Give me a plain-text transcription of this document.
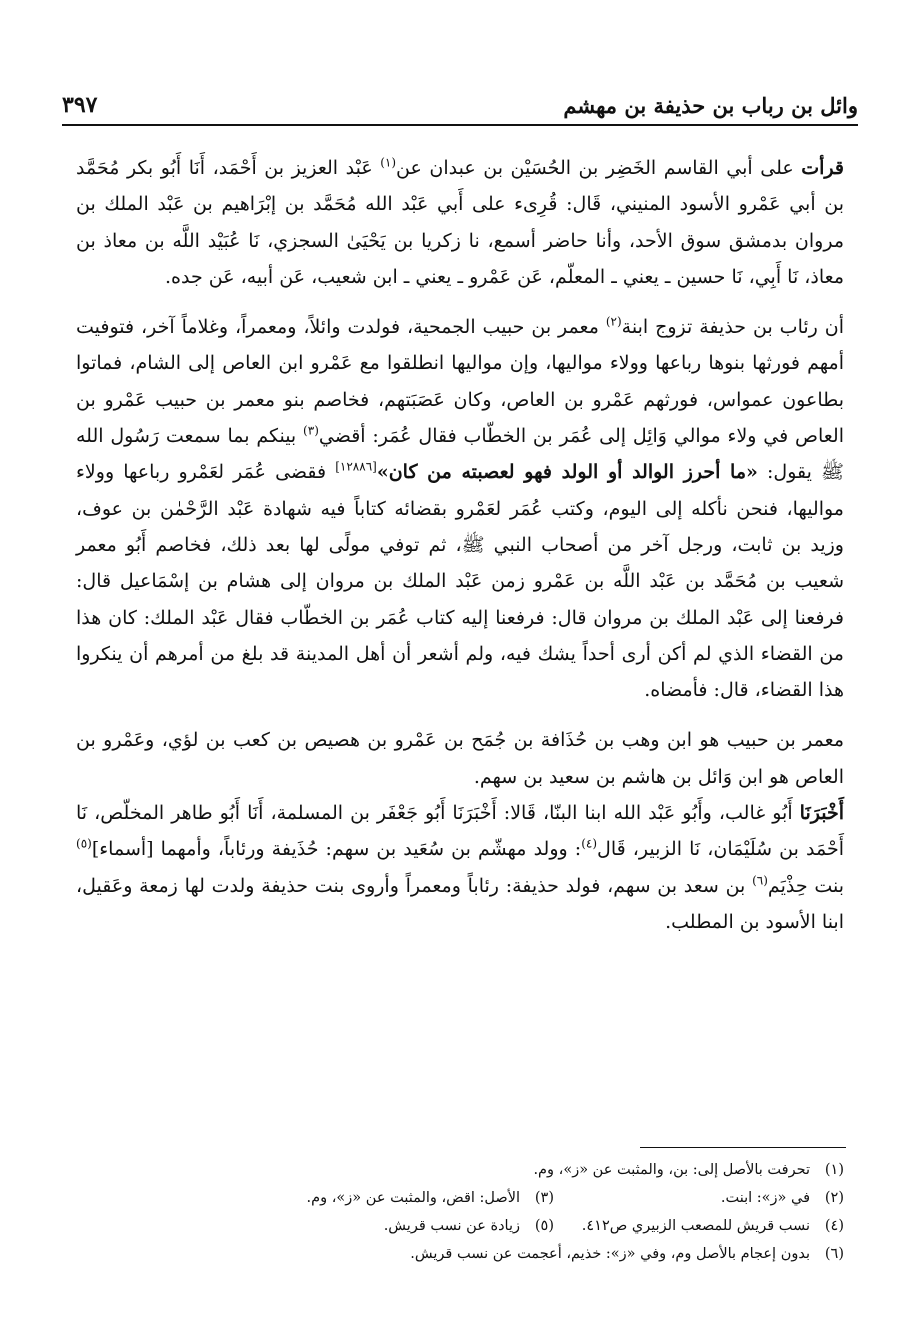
وائل بن رباب بن حذيفة بن مهشم
٣٩٧

قرأت على أبي القاسم الخَضِر بن الحُسَيْن بن عبدان عن$^{(١)}$ عَبْد العزيز بن أَحْمَد، أَنَا أَبُو بكر مُحَمَّد بن أبي عَمْرو الأسود المنيني، قَال: قُرِىء على أَبي عَبْد الله مُحَمَّد بن إبْرَاهيم بن عَبْد الملك بن مروان بدمشق سوق الأحد، وأنا حاضر أسمع، نا زكريا بن يَحْيَىٰ السجزي، نَا عُبَيْد اللَّه بن معاذ بن معاذ، نَا أَبِي، نَا حسين ـ يعني ـ المعلّم، عَن عَمْرو ـ يعني ـ ابن شعيب، عَن أبيه، عَن جده.

أن رئاب بن حذيفة تزوج ابنة$^{(٢)}$ معمر بن حبيب الجمحية، فولدت وائلاً، ومعمراً، وغلاماً آخر، فتوفيت أمهم فورثها بنوها رباعها وولاء مواليها، وإن مواليها انطلقوا مع عَمْرو ابن العاص إلى الشام، فماتوا بطاعون عمواس، فورثهم عَمْرو بن العاص، وكان عَصَبَتهم، فخاصم بنو معمر بن حبيب عَمْرو بن العاص في ولاء موالي وَائِل إلى عُمَر بن الخطّاب فقال عُمَر: أقضي$^{(٣)}$ بينكم بما سمعت رَسُول الله ﷺ يقول: «ما أحرز الوالد أو الولد فهو لعصبته من كان»[١٢٨٨٦] فقضى عُمَر لعَمْرو رباعها وولاء مواليها، فنحن نأكله إلى اليوم، وكتب عُمَر لعَمْرو بقضائه كتاباً فيه شهادة عَبْد الرَّحْمٰن بن عوف، وزيد بن ثابت، ورجل آخر من أصحاب النبي ﷺ، ثم توفي مولًى لها بعد ذلك، فخاصم أَبُو معمر شعيب بن مُحَمَّد بن عَبْد اللَّه بن عَمْرو زمن عَبْد الملك بن مروان إلى هشام بن إسْمَاعيل قال: فرفعنا إلى عَبْد الملك بن مروان قال: فرفعنا إليه كتاب عُمَر بن الخطّاب فقال عَبْد الملك: كان هذا من القضاء الذي لم أكن أرى أحداً يشك فيه، ولم أشعر أن أهل المدينة قد بلغ من أمرهم أن ينكروا هذا القضاء، قال: فأمضاه.

معمر بن حبيب هو ابن وهب بن حُذَافة بن جُمَح بن عَمْرو بن هصيص بن كعب بن لؤي، وعَمْرو بن العاص هو ابن وَائل بن هاشم بن سعيد بن سهم.

أَخْبَرَنَا أَبُو غالب، وأَبُو عَبْد الله ابنا البنّا، قَالا: أَخْبَرَنَا أَبُو جَعْفَر بن المسلمة، أَنَا أَبُو طاهر المخلّص، نَا أَحْمَد بن سُلَيْمَان، نَا الزبير، قَال$^{(٤)}$: وولد مهشّم بن سُعَيد بن سهم: حُذَيفة ورئاباً، وأمهما [أسماء]$^{(٥)}$ بنت حِذْيَم$^{(٦)}$ بن سعد بن سهم، فولد حذيفة: رئاباً ومعمراً وأروى بنت حذيفة ولدت لها زمعة وعَقيل، ابنا الأسود بن المطلب.

(١)
تحرفت بالأصل إلى: بن، والمثبت عن «ز»، وم.
(٢)
في «ز»: ابنت.
(٣)
الأصل: اقض، والمثبت عن «ز»، وم.
(٤)
نسب قريش للمصعب الزبيري ص٤١٢.
(٥)
زيادة عن نسب قريش.
(٦)
بدون إعجام بالأصل وم، وفي «ز»: خذيم، أعجمت عن نسب قريش.
